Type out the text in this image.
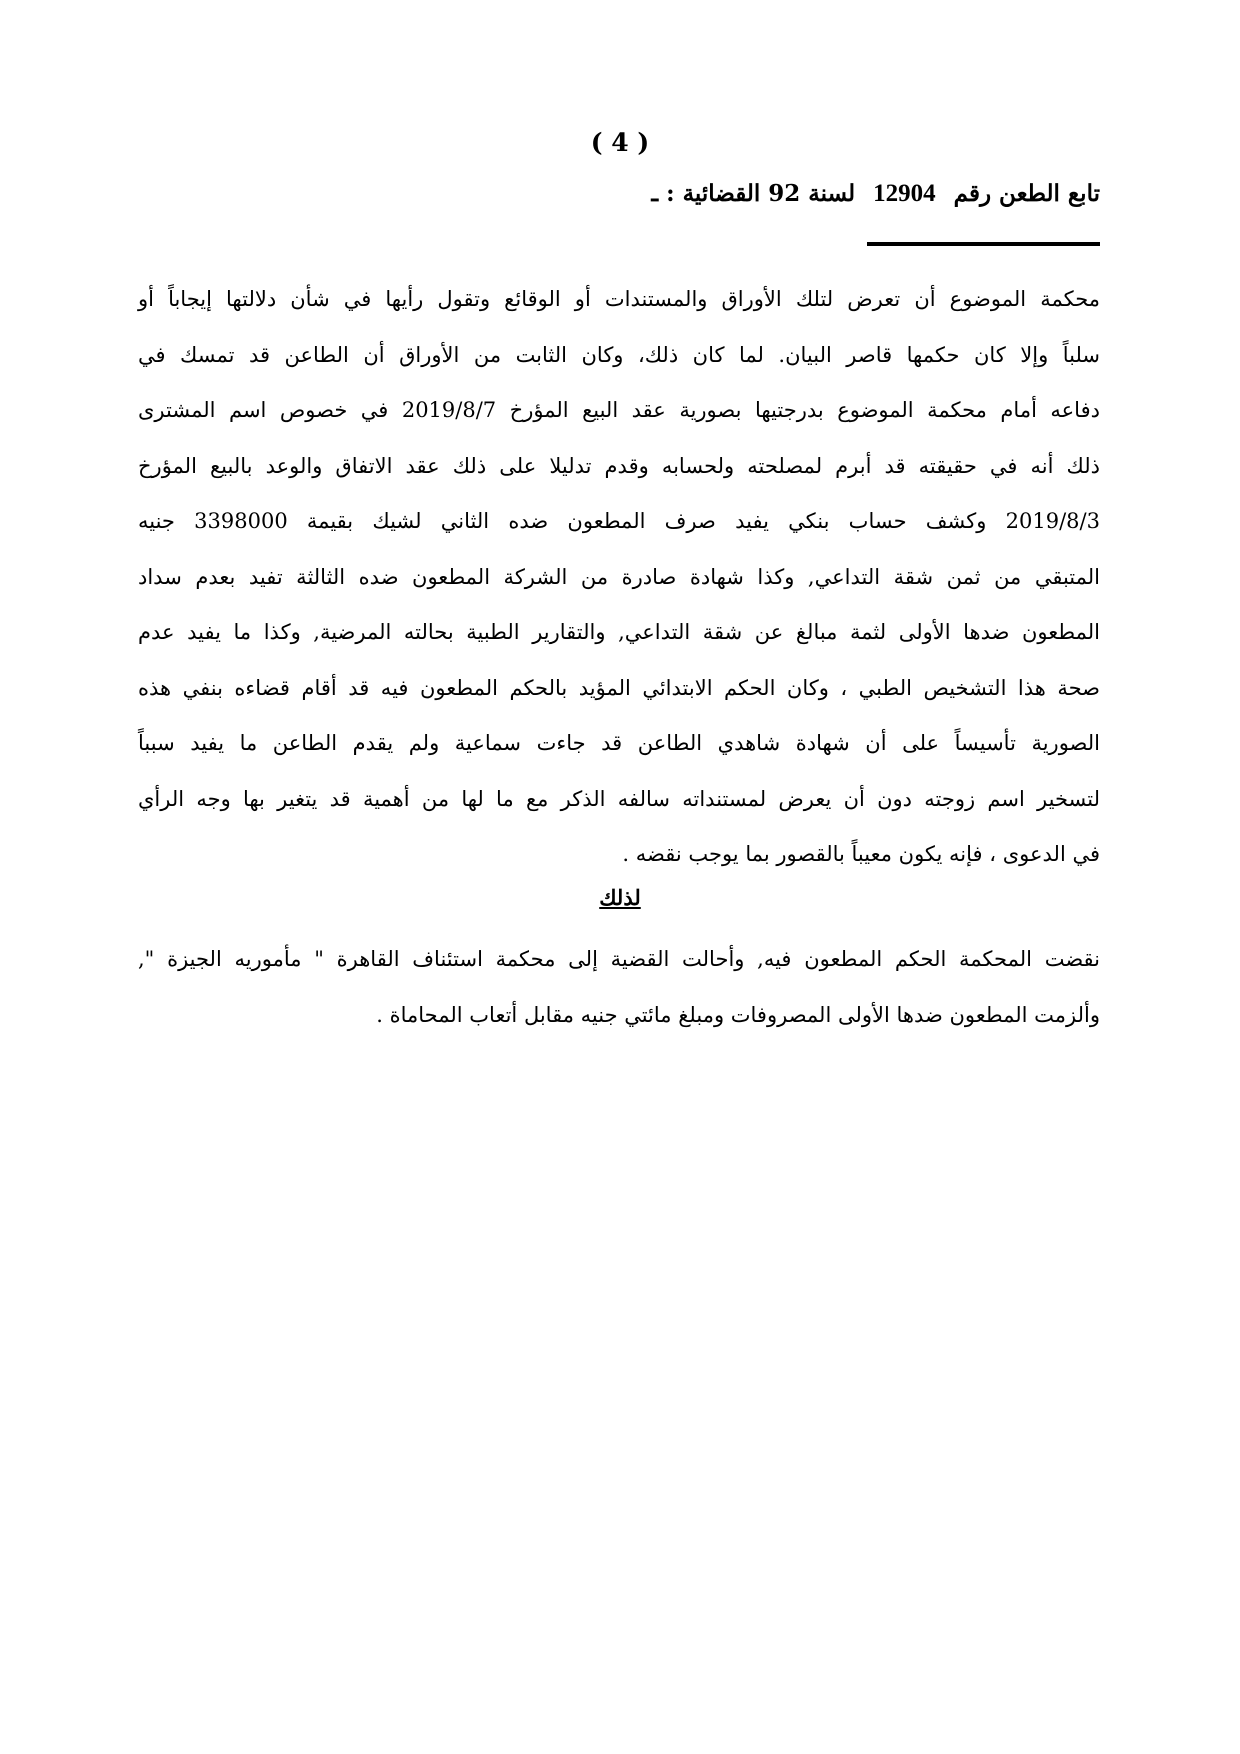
( 4 )

تابع الطعن رقم 12904 لسنة 92 القضائية : ـ

محكمة الموضوع أن تعرض لتلك الأوراق والمستندات أو الوقائع وتقول رأيها في شأن دلالتها إيجاباً أو
سلباً وإلا كان حكمها قاصر البيان. لما كان ذلك، وكان الثابت من الأوراق أن الطاعن قد تمسك في
دفاعه أمام محكمة الموضوع بدرجتيها بصورية عقد البيع المؤرخ 2019/8/7 في خصوص اسم المشترى
ذلك أنه في حقيقته قد أبرم لمصلحته ولحسابه وقدم تدليلا على ذلك عقد الاتفاق والوعد بالبيع المؤرخ
2019/8/3 وكشف حساب بنكي يفيد صرف المطعون ضده الثاني لشيك بقيمة 3398000 جنيه
المتبقي من ثمن شقة التداعي, وكذا شهادة صادرة من الشركة المطعون ضده الثالثة تفيد بعدم سداد
المطعون ضدها الأولى لثمة مبالغ عن شقة التداعي, والتقارير الطبية بحالته المرضية, وكذا ما يفيد عدم
صحة هذا التشخيص الطبي ، وكان الحكم الابتدائي المؤيد بالحكم المطعون فيه قد أقام قضاءه بنفي هذه
الصورية تأسيساً على أن شهادة شاهدي الطاعن قد جاءت سماعية ولم يقدم الطاعن ما يفيد سبباً
لتسخير اسم زوجته دون أن يعرض لمستنداته سالفه الذكر مع ما لها من أهمية قد يتغير بها وجه الرأي
في الدعوى ، فإنه يكون معيباً بالقصور بما يوجب نقضه .

لذلك

نقضت المحكمة الحكم المطعون فيه, وأحالت القضية إلى محكمة استئناف القاهرة " مأموريه الجيزة ",
وألزمت المطعون ضدها الأولى المصروفات ومبلغ مائتي جنيه مقابل أتعاب المحاماة .
